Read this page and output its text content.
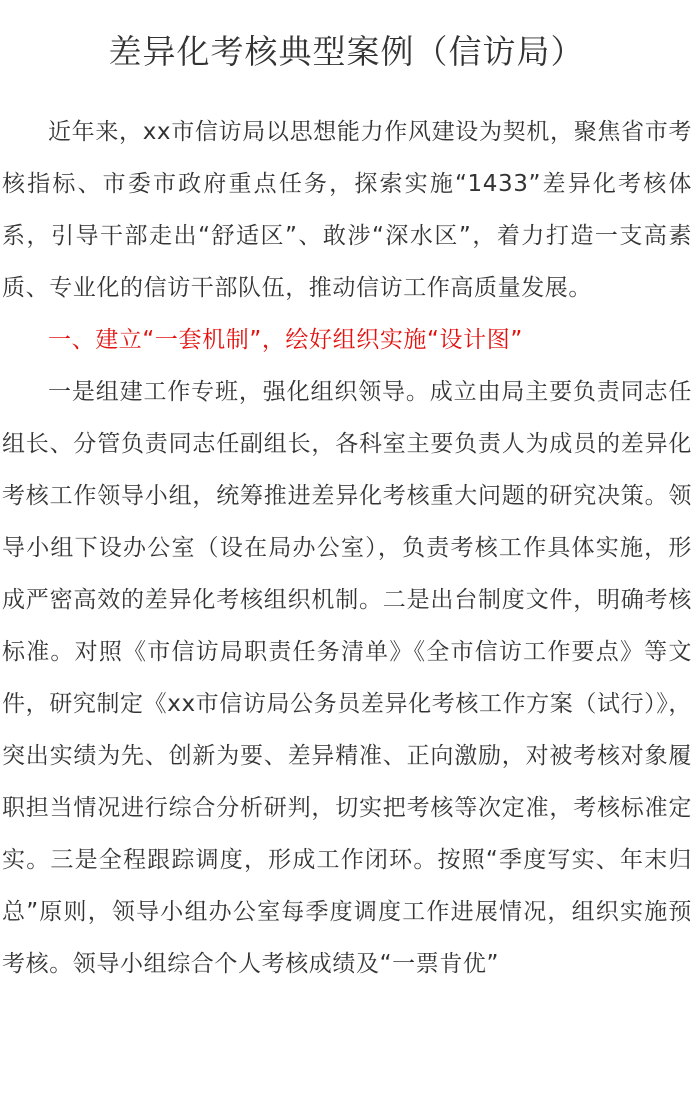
差异化考核典型案例（信访局）

近年来，xx市信访局以思想能力作风建设为契机，聚焦省市考核指标、市委市政府重点任务，探索实施“1433”差异化考核体系，引导干部走出“舒适区”、敢涉“深水区”，着力打造一支高素质、专业化的信访干部队伍，推动信访工作高质量发展。

一、建立“一套机制”，绘好组织实施“设计图”

一是组建工作专班，强化组织领导。成立由局主要负责同志任组长、分管负责同志任副组长，各科室主要负责人为成员的差异化考核工作领导小组，统筹推进差异化考核重大问题的研究决策。领导小组下设办公室（设在局办公室），负责考核工作具体实施，形成严密高效的差异化考核组织机制。二是出台制度文件，明确考核标准。对照《市信访局职责任务清单》《全市信访工作要点》等文件，研究制定《xx市信访局公务员差异化考核工作方案（试行）》，突出实绩为先、创新为要、差异精准、正向激励，对被考核对象履职担当情况进行综合分析研判，切实把考核等次定准，考核标准定实。三是全程跟踪调度，形成工作闭环。按照“季度写实、年末归总”原则，领导小组办公室每季度调度工作进展情况，组织实施预考核。领导小组综合个人考核成绩及“一票肯优”
